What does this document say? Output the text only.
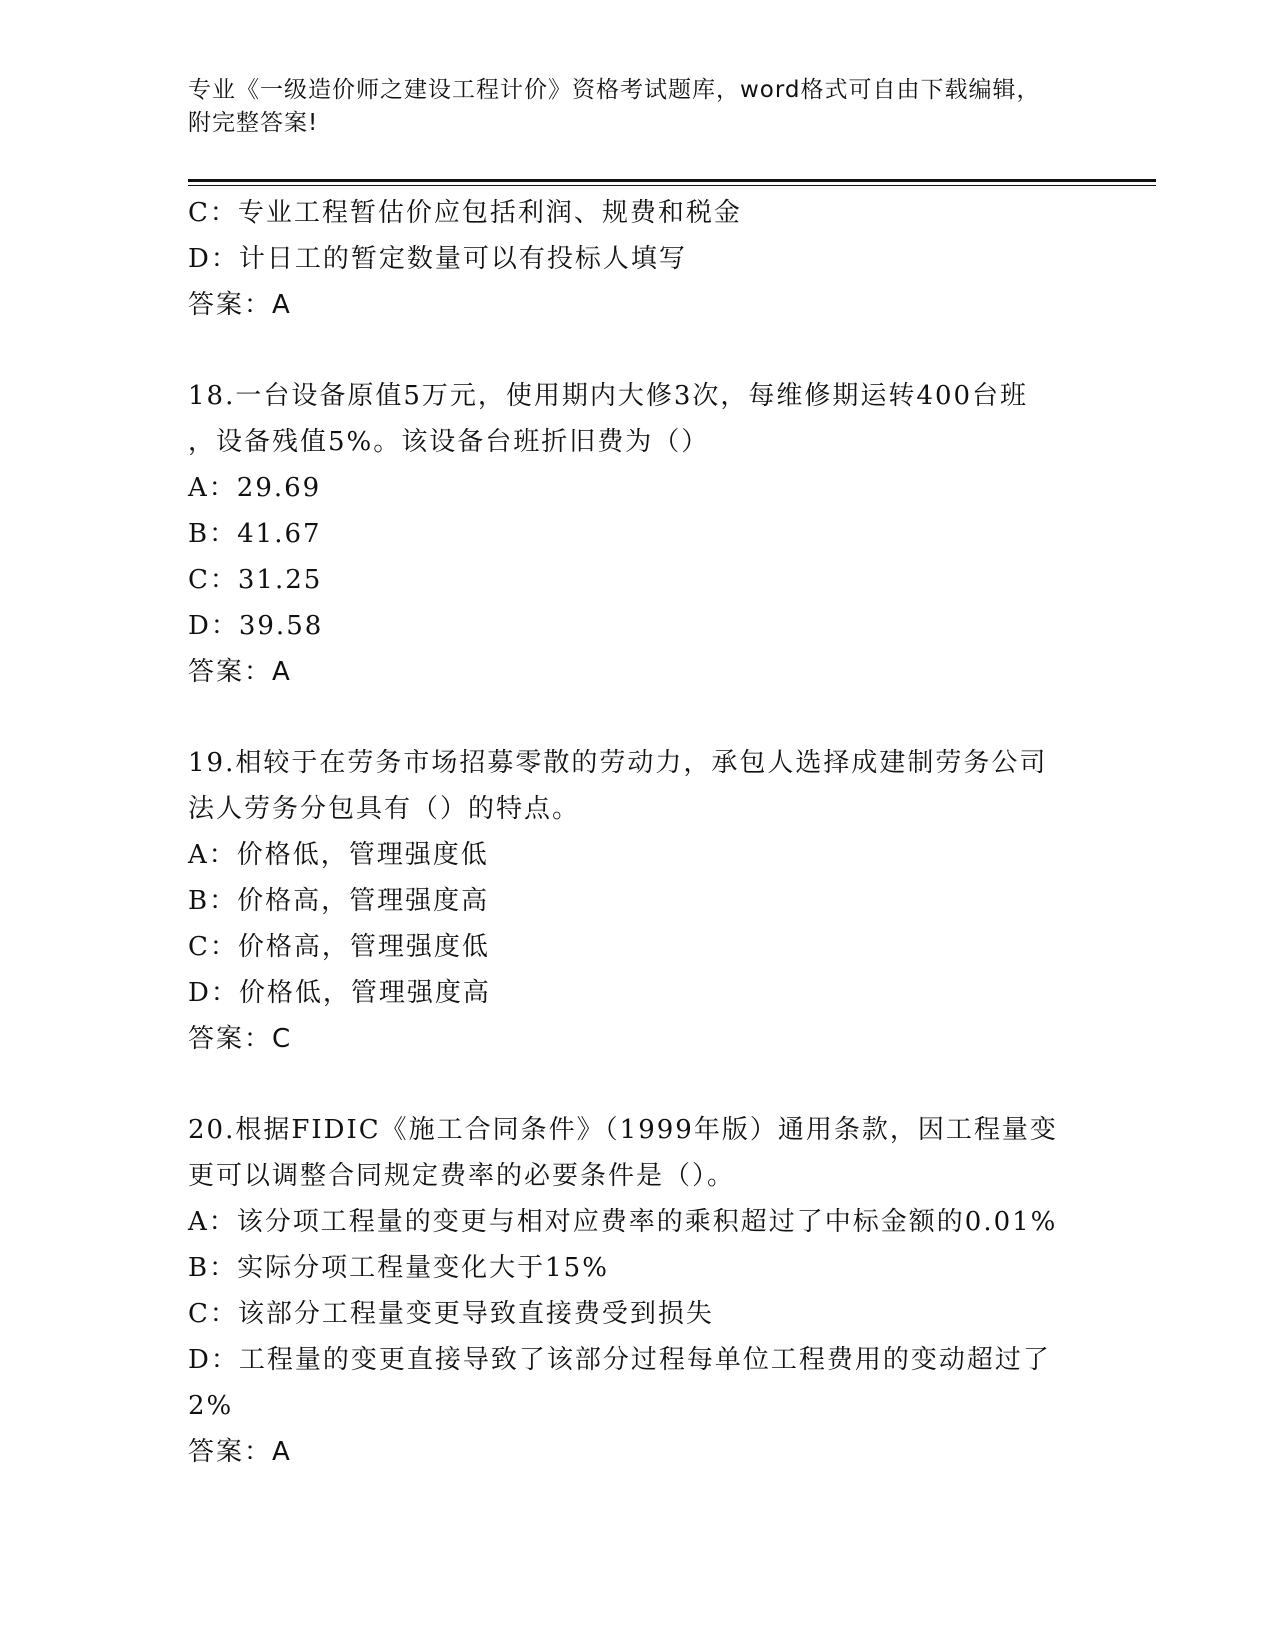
专业《一级造价师之建设工程计价》资格考试题库，word格式可自由下载编辑，
附完整答案!
C：专业工程暂估价应包括利润、规费和税金
D：计日工的暂定数量可以有投标人填写
答案：A
18.一台设备原值5万元，使用期内大修3次，每维修期运转400台班
，设备残值5%。该设备台班折旧费为（）
A：29.69
B：41.67
C：31.25
D：39.58
答案：A
19.相较于在劳务市场招募零散的劳动力，承包人选择成建制劳务公司
法人劳务分包具有（）的特点。
A：价格低，管理强度低
B：价格高，管理强度高
C：价格高，管理强度低
D：价格低，管理强度高
答案：C
20.根据FIDIC《施工合同条件》（1999年版）通用条款，因工程量变
更可以调整合同规定费率的必要条件是（）。
A：该分项工程量的变更与相对应费率的乘积超过了中标金额的0.01%
B：实际分项工程量变化大于15%
C：该部分工程量变更导致直接费受到损失
D：工程量的变更直接导致了该部分过程每单位工程费用的变动超过了
2%
答案：A
